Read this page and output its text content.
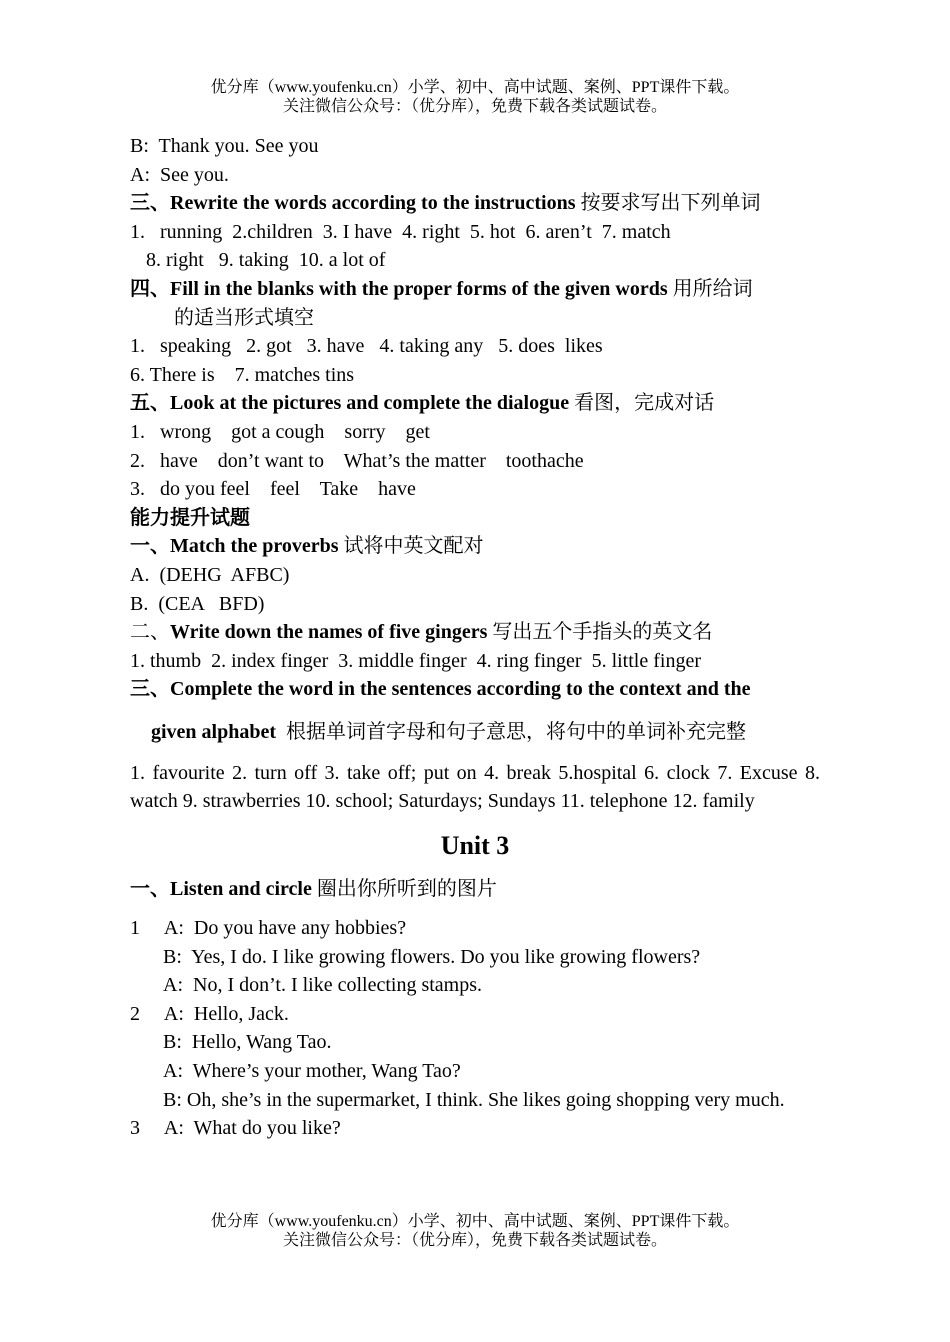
优分库（www.youfenku.cn）小学、初中、高中试题、案例、PPT课件下载。
关注微信公众号：（优分库），免费下载各类试题试卷。
B:  Thank you. See you
A:  See you.
三、Rewrite the words according to the instructions 按要求写出下列单词
1.   running  2.children  3. I have  4. right  5. hot  6. aren’t  7. match
8. right   9. taking  10. a lot of
四、Fill in the blanks with the proper forms of the given words 用所给词
的适当形式填空
1.   speaking   2. got   3. have   4. taking any   5. does  likes
6. There is    7. matches tins
五、Look at the pictures and complete the dialogue 看图，完成对话
1.   wrong    got a cough    sorry    get
2.   have    don’t want to    What’s the matter    toothache
3.   do you feel    feel    Take    have
能力提升试题
一、Match the proverbs 试将中英文配对
A.  (DEHG  AFBC)
B.  (CEA   BFD)
二、Write down the names of five gingers 写出五个手指头的英文名
1. thumb  2. index finger  3. middle finger  4. ring finger  5. little finger
三、Complete the word in the sentences according to the context and the
given alphabet  根据单词首字母和句子意思，将句中的单词补充完整
1. favourite 2. turn off 3. take off; put on 4. break 5.hospital 6. clock 7. Excuse 8. watch 9. strawberries 10. school; Saturdays; Sundays 11. telephone 12. family
Unit 3
一、Listen and circle 圈出你所听到的图片
1     A:  Do you have any hobbies?
B:  Yes, I do. I like growing flowers. Do you like growing flowers?
A:  No, I don’t. I like collecting stamps.
2     A:  Hello, Jack.
B:  Hello, Wang Tao.
A:  Where’s your mother, Wang Tao?
B: Oh, she’s in the supermarket, I think. She likes going shopping very much.
3     A:  What do you like?
优分库（www.youfenku.cn）小学、初中、高中试题、案例、PPT课件下载。
关注微信公众号：（优分库），免费下载各类试题试卷。
